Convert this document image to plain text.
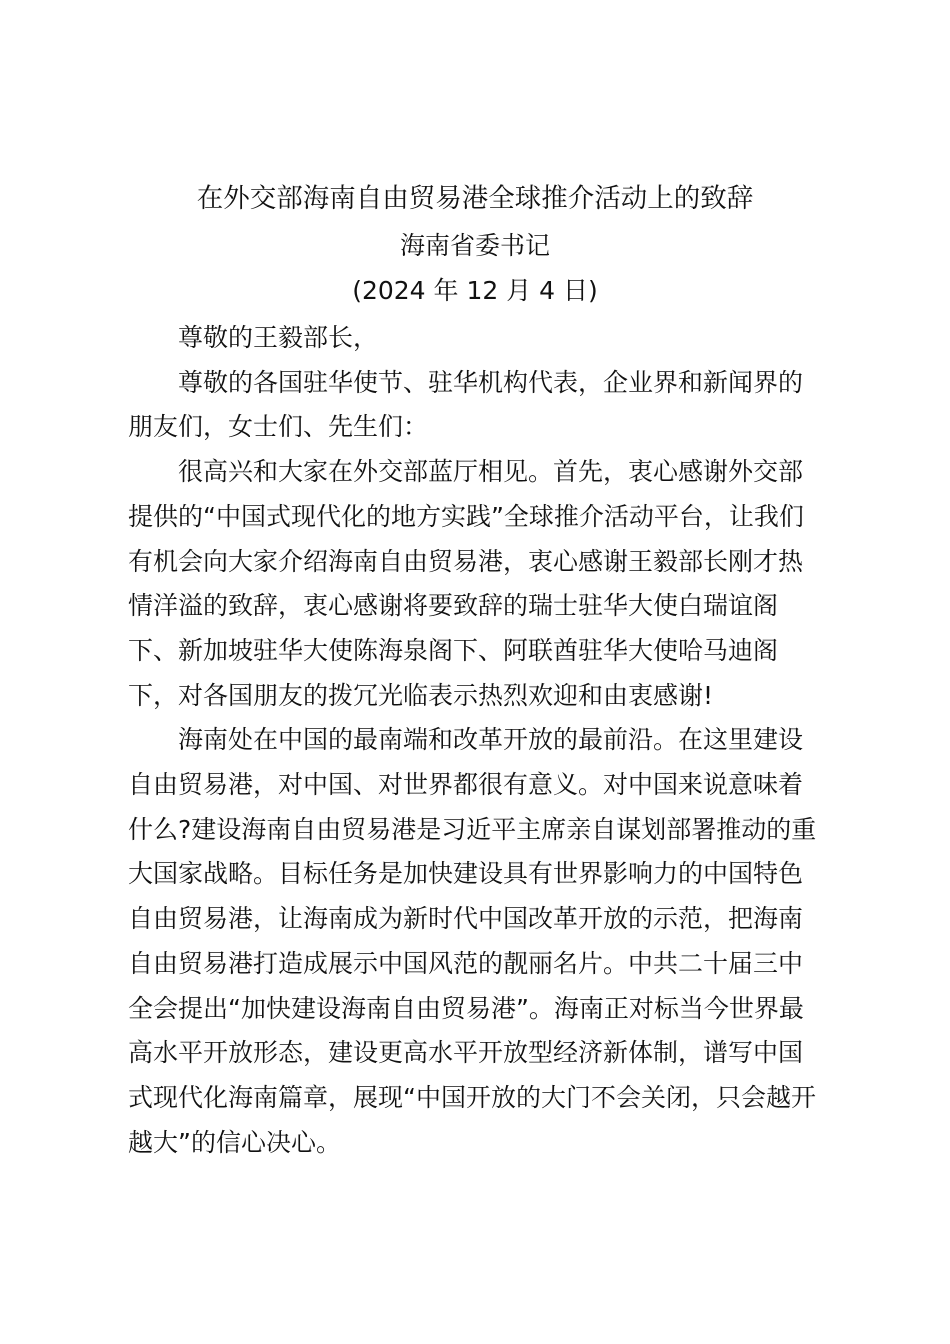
在外交部海南自由贸易港全球推介活动上的致辞
海南省委书记
(2024 年 12 月 4 日)

尊敬的王毅部长，

尊敬的各国驻华使节、驻华机构代表，企业界和新闻界的
朋友们，女士们、先生们：

很高兴和大家在外交部蓝厅相见。首先，衷心感谢外交部
提供的“中国式现代化的地方实践”全球推介活动平台，让我们
有机会向大家介绍海南自由贸易港，衷心感谢王毅部长刚才热
情洋溢的致辞，衷心感谢将要致辞的瑞士驻华大使白瑞谊阁
下、新加坡驻华大使陈海泉阁下、阿联酋驻华大使哈马迪阁
下，对各国朋友的拨冗光临表示热烈欢迎和由衷感谢!

海南处在中国的最南端和改革开放的最前沿。在这里建设
自由贸易港，对中国、对世界都很有意义。对中国来说意味着
什么?建设海南自由贸易港是习近平主席亲自谋划部署推动的重
大国家战略。目标任务是加快建设具有世界影响力的中国特色
自由贸易港，让海南成为新时代中国改革开放的示范，把海南
自由贸易港打造成展示中国风范的靓丽名片。中共二十届三中
全会提出“加快建设海南自由贸易港”。海南正对标当今世界最
高水平开放形态，建设更高水平开放型经济新体制，谱写中国
式现代化海南篇章，展现“中国开放的大门不会关闭，只会越开
越大”的信心决心。
